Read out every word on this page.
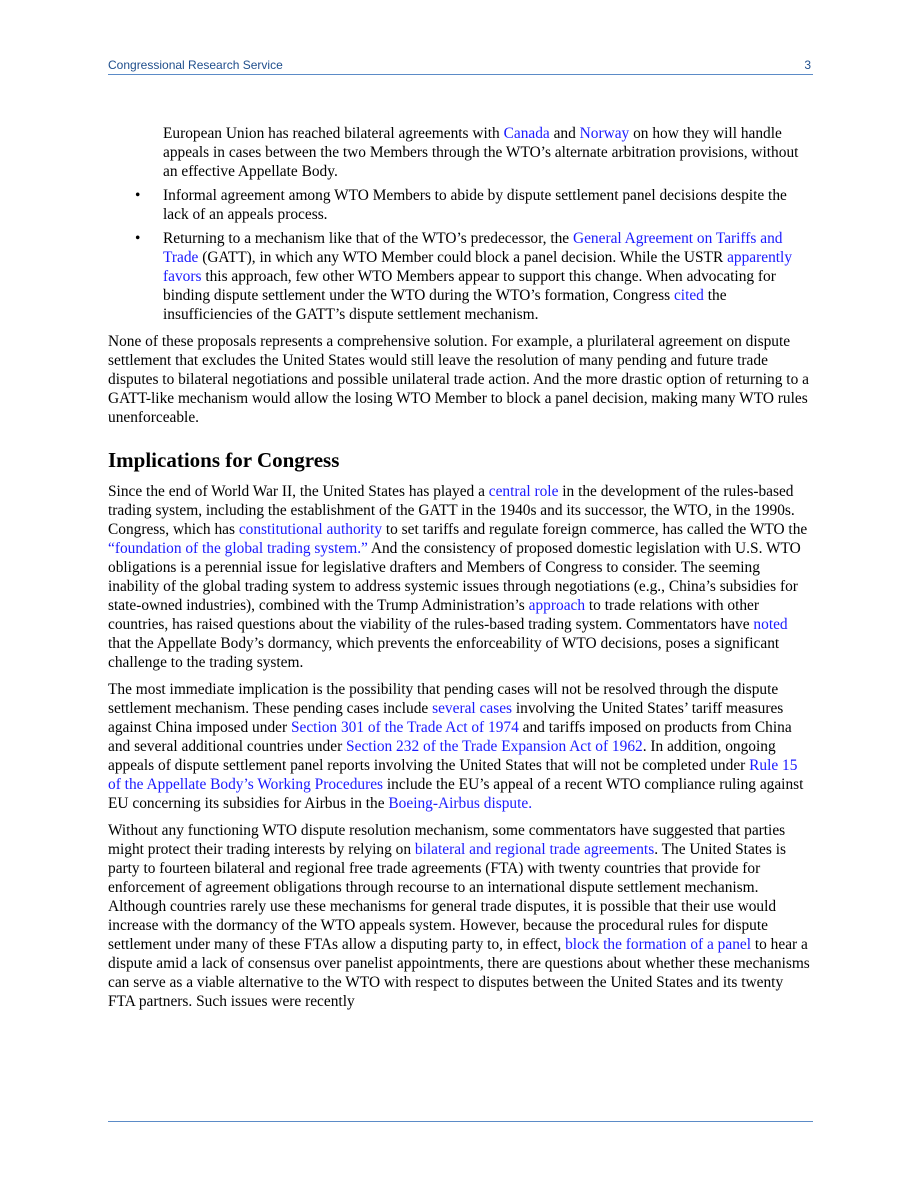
Congressional Research Service	3

European Union has reached bilateral agreements with Canada and Norway on how they will handle appeals in cases between the two Members through the WTO’s alternate arbitration provisions, without an effective Appellate Body.

• Informal agreement among WTO Members to abide by dispute settlement panel decisions despite the lack of an appeals process.
• Returning to a mechanism like that of the WTO’s predecessor, the General Agreement on Tariffs and Trade (GATT), in which any WTO Member could block a panel decision. While the USTR apparently favors this approach, few other WTO Members appear to support this change. When advocating for binding dispute settlement under the WTO during the WTO’s formation, Congress cited the insufficiencies of the GATT’s dispute settlement mechanism.

None of these proposals represents a comprehensive solution. For example, a plurilateral agreement on dispute settlement that excludes the United States would still leave the resolution of many pending and future trade disputes to bilateral negotiations and possible unilateral trade action. And the more drastic option of returning to a GATT-like mechanism would allow the losing WTO Member to block a panel decision, making many WTO rules unenforceable.

Implications for Congress

Since the end of World War II, the United States has played a central role in the development of the rules-based trading system, including the establishment of the GATT in the 1940s and its successor, the WTO, in the 1990s. Congress, which has constitutional authority to set tariffs and regulate foreign commerce, has called the WTO the “foundation of the global trading system.” And the consistency of proposed domestic legislation with U.S. WTO obligations is a perennial issue for legislative drafters and Members of Congress to consider. The seeming inability of the global trading system to address systemic issues through negotiations (e.g., China’s subsidies for state-owned industries), combined with the Trump Administration’s approach to trade relations with other countries, has raised questions about the viability of the rules-based trading system. Commentators have noted that the Appellate Body’s dormancy, which prevents the enforceability of WTO decisions, poses a significant challenge to the trading system.

The most immediate implication is the possibility that pending cases will not be resolved through the dispute settlement mechanism. These pending cases include several cases involving the United States’ tariff measures against China imposed under Section 301 of the Trade Act of 1974 and tariffs imposed on products from China and several additional countries under Section 232 of the Trade Expansion Act of 1962. In addition, ongoing appeals of dispute settlement panel reports involving the United States that will not be completed under Rule 15 of the Appellate Body’s Working Procedures include the EU’s appeal of a recent WTO compliance ruling against EU concerning its subsidies for Airbus in the Boeing-Airbus dispute.

Without any functioning WTO dispute resolution mechanism, some commentators have suggested that parties might protect their trading interests by relying on bilateral and regional trade agreements. The United States is party to fourteen bilateral and regional free trade agreements (FTA) with twenty countries that provide for enforcement of agreement obligations through recourse to an international dispute settlement mechanism. Although countries rarely use these mechanisms for general trade disputes, it is possible that their use would increase with the dormancy of the WTO appeals system. However, because the procedural rules for dispute settlement under many of these FTAs allow a disputing party to, in effect, block the formation of a panel to hear a dispute amid a lack of consensus over panelist appointments, there are questions about whether these mechanisms can serve as a viable alternative to the WTO with respect to disputes between the United States and its twenty FTA partners. Such issues were recently
